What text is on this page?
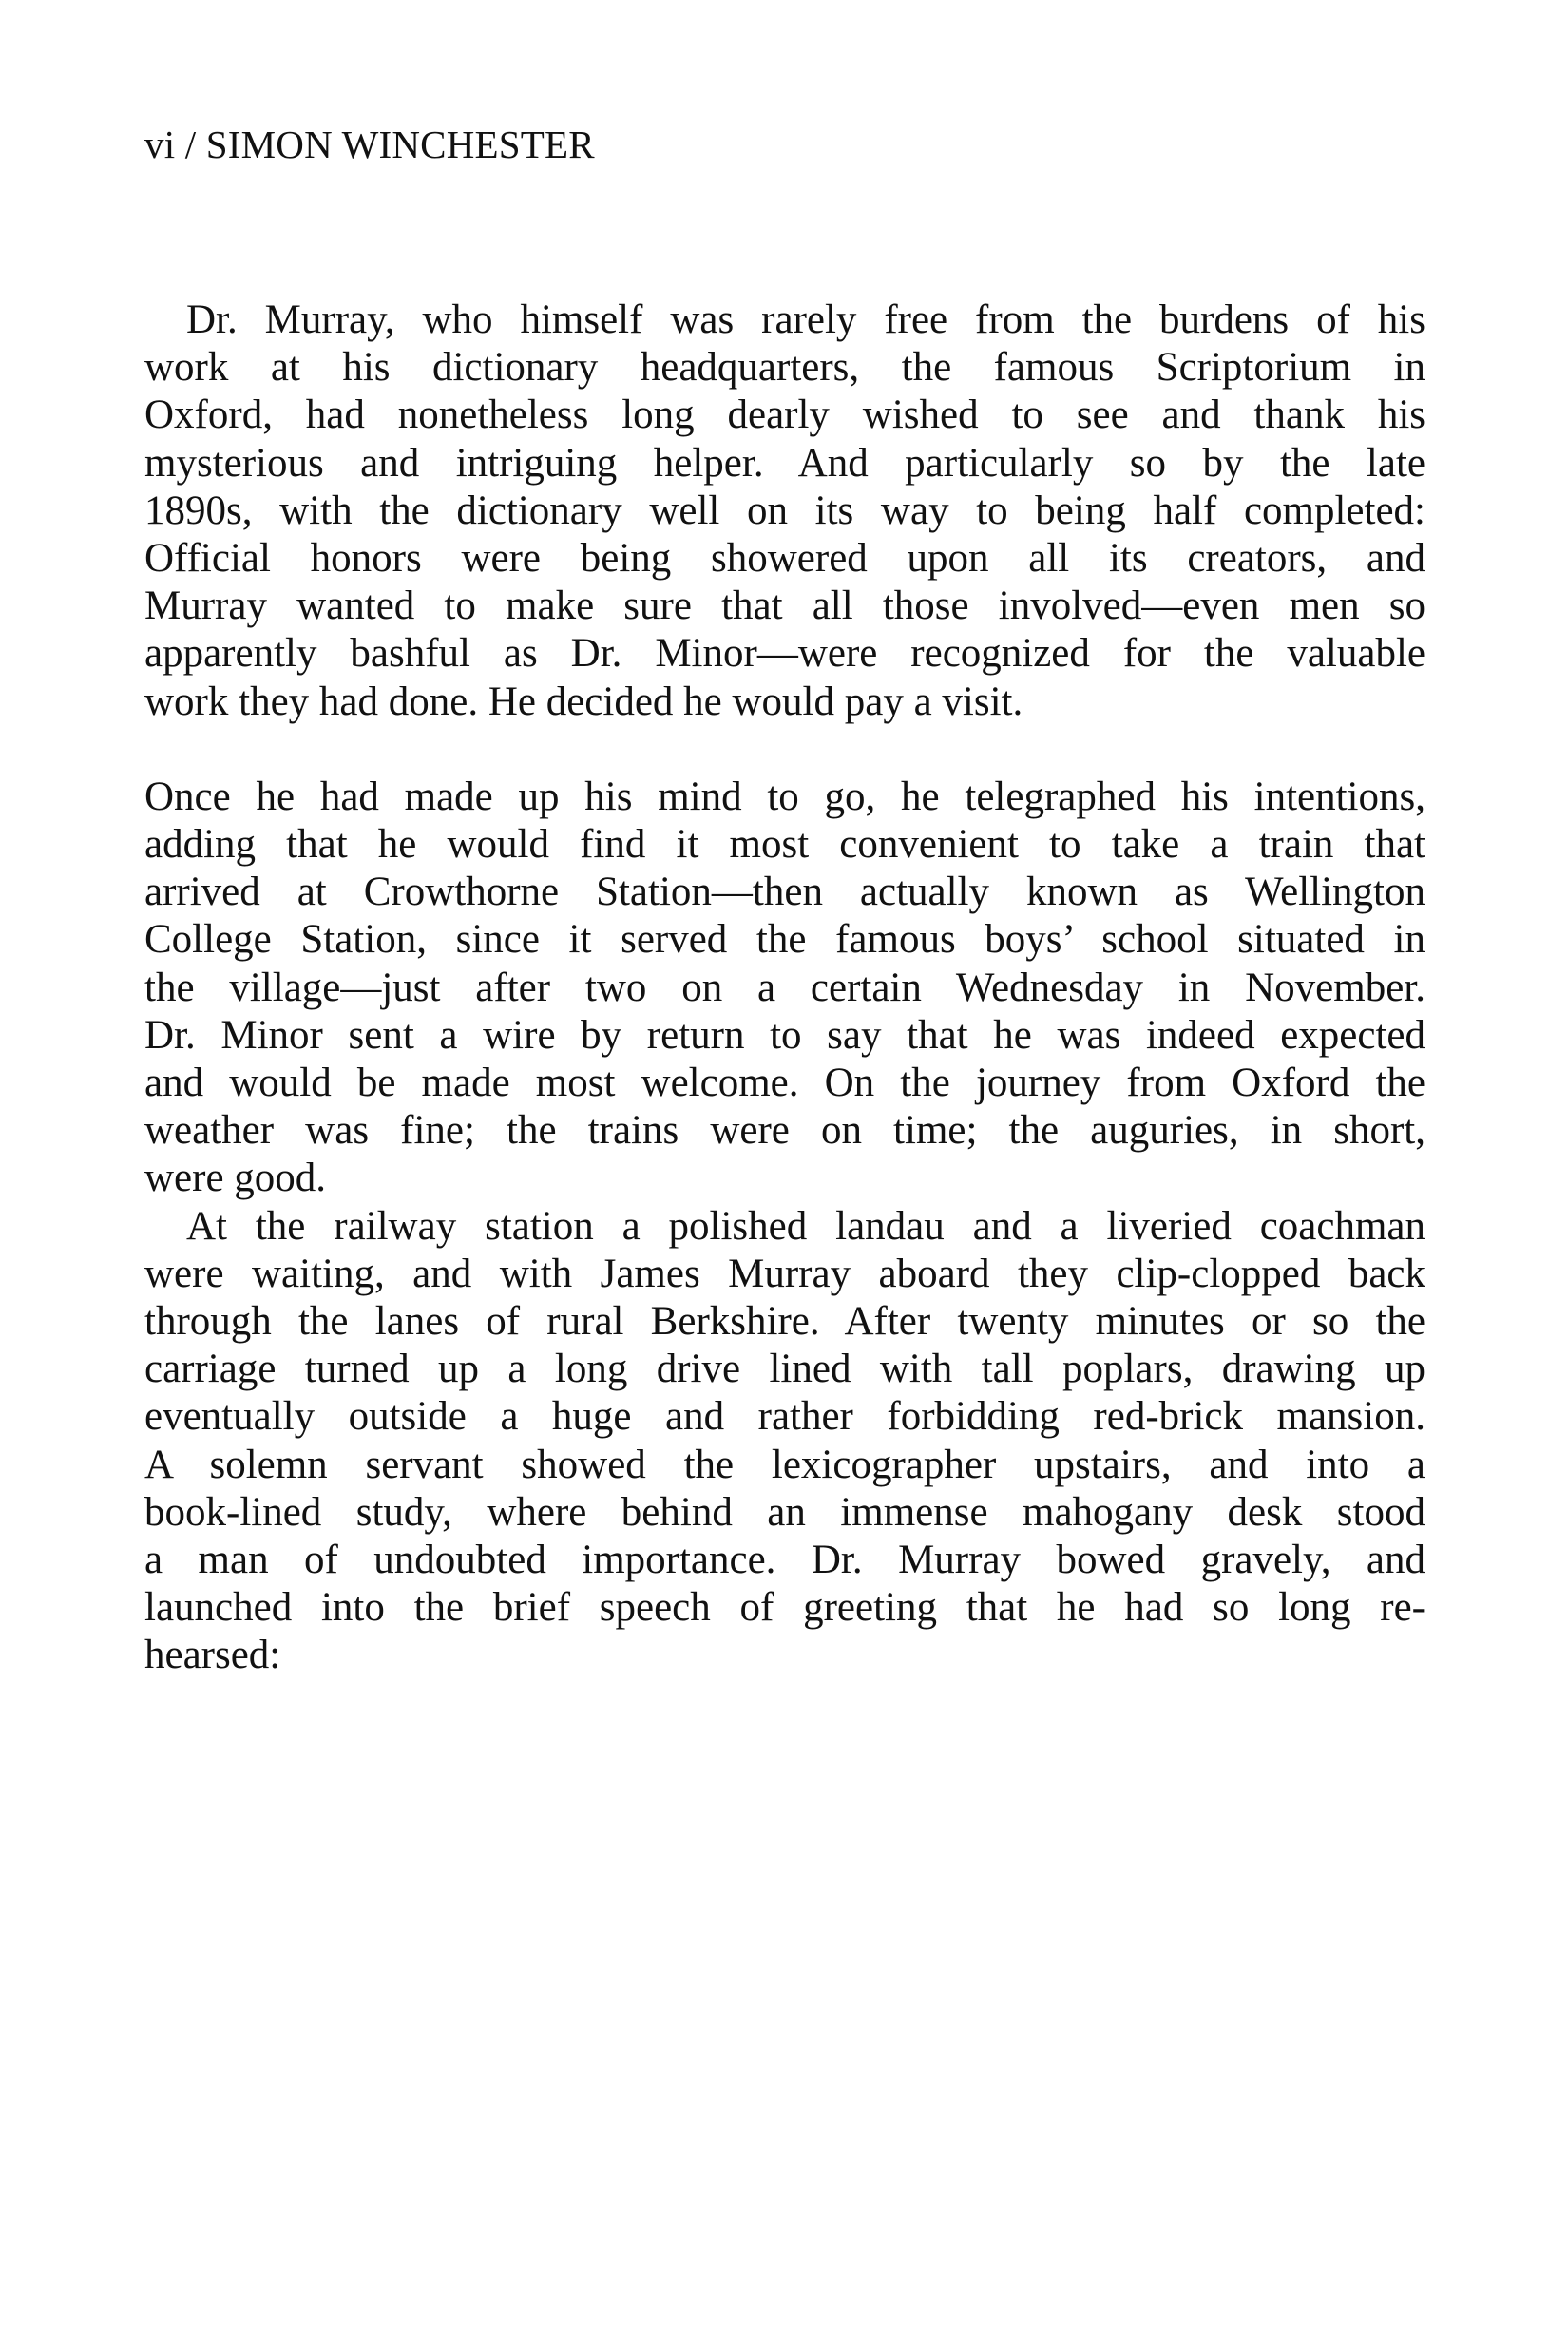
vi / SIMON WINCHESTER
Dr. Murray, who himself was rarely free from the burdens of his
work at his dictionary headquarters, the famous Scriptorium in
Oxford, had nonetheless long dearly wished to see and thank his
mysterious and intriguing helper. And particularly so by the late
1890s, with the dictionary well on its way to being half completed:
Official honors were being showered upon all its creators, and
Murray wanted to make sure that all those involved—even men so
apparently bashful as Dr. Minor—were recognized for the valuable
work they had done. He decided he would pay a visit.
Once he had made up his mind to go, he telegraphed his intentions,
adding that he would find it most convenient to take a train that
arrived at Crowthorne Station—then actually known as Wellington
College Station, since it served the famous boys’ school situated in
the village—just after two on a certain Wednesday in November.
Dr. Minor sent a wire by return to say that he was indeed expected
and would be made most welcome. On the journey from Oxford the
weather was fine; the trains were on time; the auguries, in short,
were good.
At the railway station a polished landau and a liveried coachman
were waiting, and with James Murray aboard they clip-clopped back
through the lanes of rural Berkshire. After twenty minutes or so the
carriage turned up a long drive lined with tall poplars, drawing up
eventually outside a huge and rather forbidding red-brick mansion.
A solemn servant showed the lexicographer upstairs, and into a
book-lined study, where behind an immense mahogany desk stood
a man of undoubted importance. Dr. Murray bowed gravely, and
launched into the brief speech of greeting that he had so long re-
hearsed:
